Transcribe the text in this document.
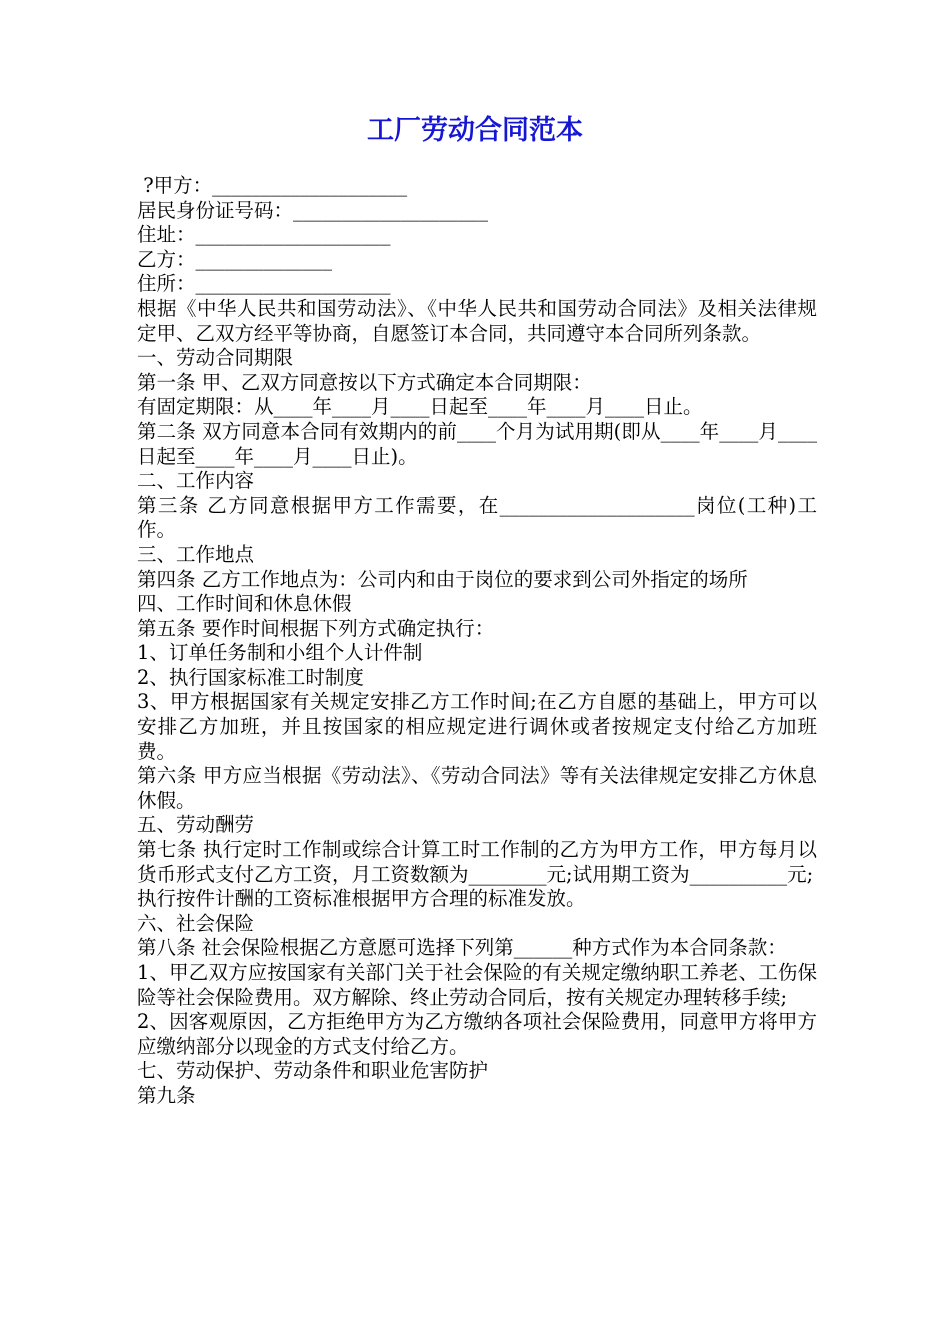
工厂劳动合同范本
?甲方：____________________
居民身份证号码：____________________
住址：____________________
乙方：______________
住所：____________________
根据《中华人民共和国劳动法》、《中华人民共和国劳动合同法》及相关法律规定甲、乙双方经平等协商，自愿签订本合同，共同遵守本合同所列条款。
一、劳动合同期限
第一条 甲、乙双方同意按以下方式确定本合同期限：
有固定期限：从____年____月____日起至____年____月____日止。
第二条 双方同意本合同有效期内的前____个月为试用期(即从____年____月____ 日起至____年____月____日止)。
二、工作内容
第三条 乙方同意根据甲方工作需要，在____________________岗位(工种)工作。
三、工作地点
第四条 乙方工作地点为：公司内和由于岗位的要求到公司外指定的场所
四、工作时间和休息休假
第五条 要作时间根据下列方式确定执行：
1、订单任务制和小组个人计件制
2、执行国家标准工时制度
3、甲方根据国家有关规定安排乙方工作时间;在乙方自愿的基础上，甲方可以安排乙方加班，并且按国家的相应规定进行调休或者按规定支付给乙方加班费。
第六条 甲方应当根据《劳动法》、《劳动合同法》等有关法律规定安排乙方休息休假。
五、劳动酬劳
第七条 执行定时工作制或综合计算工时工作制的乙方为甲方工作，甲方每月以货币形式支付乙方工资，月工资数额为________元;试用期工资为__________元;
执行按件计酬的工资标准根据甲方合理的标准发放。
六、社会保险
第八条 社会保险根据乙方意愿可选择下列第______种方式作为本合同条款：
1、甲乙双方应按国家有关部门关于社会保险的有关规定缴纳职工养老、工伤保险等社会保险费用。双方解除、终止劳动合同后，按有关规定办理转移手续;
2、因客观原因，乙方拒绝甲方为乙方缴纳各项社会保险费用，同意甲方将甲方应缴纳部分以现金的方式支付给乙方。
七、劳动保护、劳动条件和职业危害防护
第九条
